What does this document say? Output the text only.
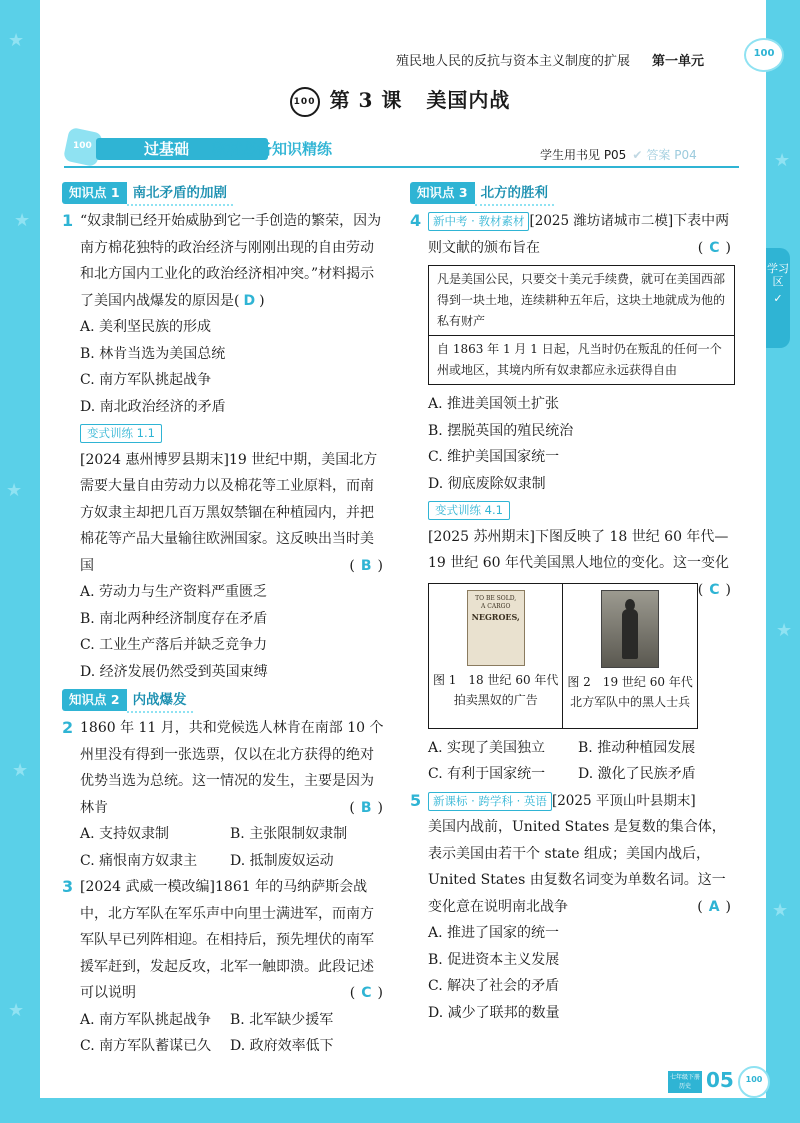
★
★
★
★
★
★
★
★
100
殖民地人民的反抗与资本主义制度的扩展 第一单元
100 第 3 课 美国内战
100	过基础	教材必备知识精练	学生用书见 P05 ✔ 答案 P04
学习区
✓
知识点 1 南北矛盾的加剧
1 “奴隶制已经开始威胁到它一手创造的繁荣，因为南方棉花独特的政治经济与刚刚出现的自由劳动和北方国内工业化的政治经济相冲突。”材料揭示了美国内战爆发的原因是( D )
A. 美利坚民族的形成
B. 林肯当选为美国总统
C. 南方军队挑起战争
D. 南北政治经济的矛盾
变式训练 1.1
[2024 惠州博罗县期末]19 世纪中期，美国北方需要大量自由劳动力以及棉花等工业原料，而南方奴隶主却把几百万黑奴禁锢在种植园内，并把棉花等产品大量输往欧洲国家。这反映出当时美国	( B )
A. 劳动力与生产资料严重匮乏
B. 南北两种经济制度存在矛盾
C. 工业生产落后并缺乏竞争力
D. 经济发展仍然受到英国束缚
知识点 2 内战爆发
2 1860 年 11 月，共和党候选人林肯在南部 10 个州里没有得到一张选票，仅以在北方获得的绝对优势当选为总统。这一情况的发生，主要是因为林肯	( B )
A. 支持奴隶制	B. 主张限制奴隶制
C. 痛恨南方奴隶主	D. 抵制废奴运动
3 [2024 武威一模改编]1861 年的马纳萨斯会战中，北方军队在军乐声中向里士满进军，而南方军队早已列阵相迎。在相持后，预先埋伏的南军援军赶到，发起反攻，北军一触即溃。此段记述可以说明	( C )
A. 南方军队挑起战争	B. 北军缺少援军
C. 南方军队蓄谋已久	D. 政府效率低下
知识点 3 北方的胜利
4 新中考 · 教材素材 [2025 潍坊诸城市二模]下表中两则文献的颁布旨在	( C )
凡是美国公民，只要交十美元手续费，就可在美国西部得到一块土地，连续耕种五年后，这块土地就成为他的私有财产
自 1863 年 1 月 1 日起，凡当时仍在叛乱的任何一个州或地区，其境内所有奴隶都应永远获得自由
A. 推进美国领土扩张
B. 摆脱英国的殖民统治
C. 维护美国国家统一
D. 彻底废除奴隶制
变式训练 4.1
[2025 苏州期末]下图反映了 18 世纪 60 年代—19 世纪 60 年代美国黑人地位的变化。这一变化
( C )
TO BE SOLD,
A CARGO
NEGROES,
图 1　18 世纪 60 年代
拍卖黑奴的广告
图 2　19 世纪 60 年代
北方军队中的黑人士兵
A. 实现了美国独立	B. 推动种植园发展
C. 有利于国家统一	D. 激化了民族矛盾
5 新课标 · 跨学科 · 英语 [2025 平顶山叶县期末]
美国内战前，United States 是复数的集合体，表示美国由若干个 state 组成；美国内战后，United States 由复数名词变为单数名词。这一变化意在说明南北战争	( A )
A. 推进了国家的统一
B. 促进资本主义发展
C. 解决了社会的矛盾
D. 减少了联邦的数量
七年级下册 历史 05	100
